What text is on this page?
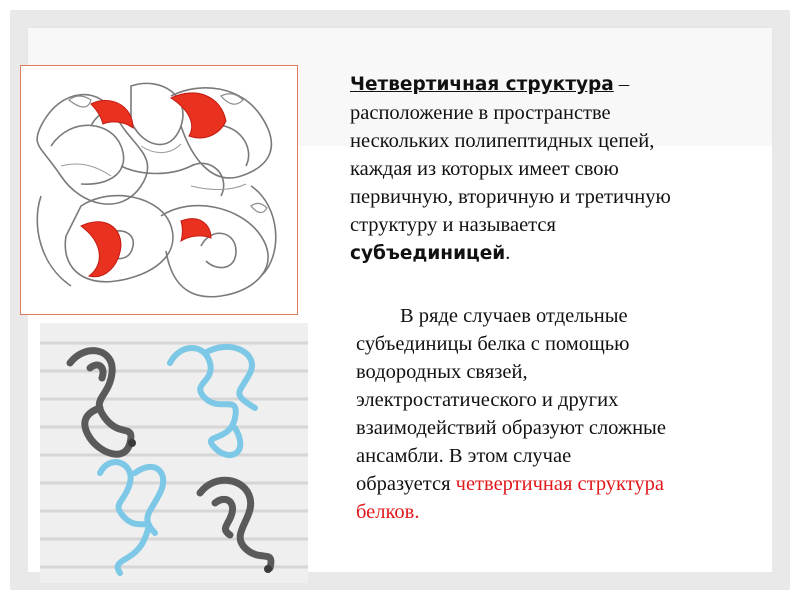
Четвертичная структура –

расположение в пространстве

нескольких полипептидных цепей,

каждая из которых имеет свою

первичную, вторичную и третичную

структуру и называется

субъединицей.

В ряде случаев отдельные

субъединицы белка с помощью

водородных связей,

электростатического и других

взаимодействий образуют сложные

ансамбли. В этом случае

образуется четвертичная структура

белков.
